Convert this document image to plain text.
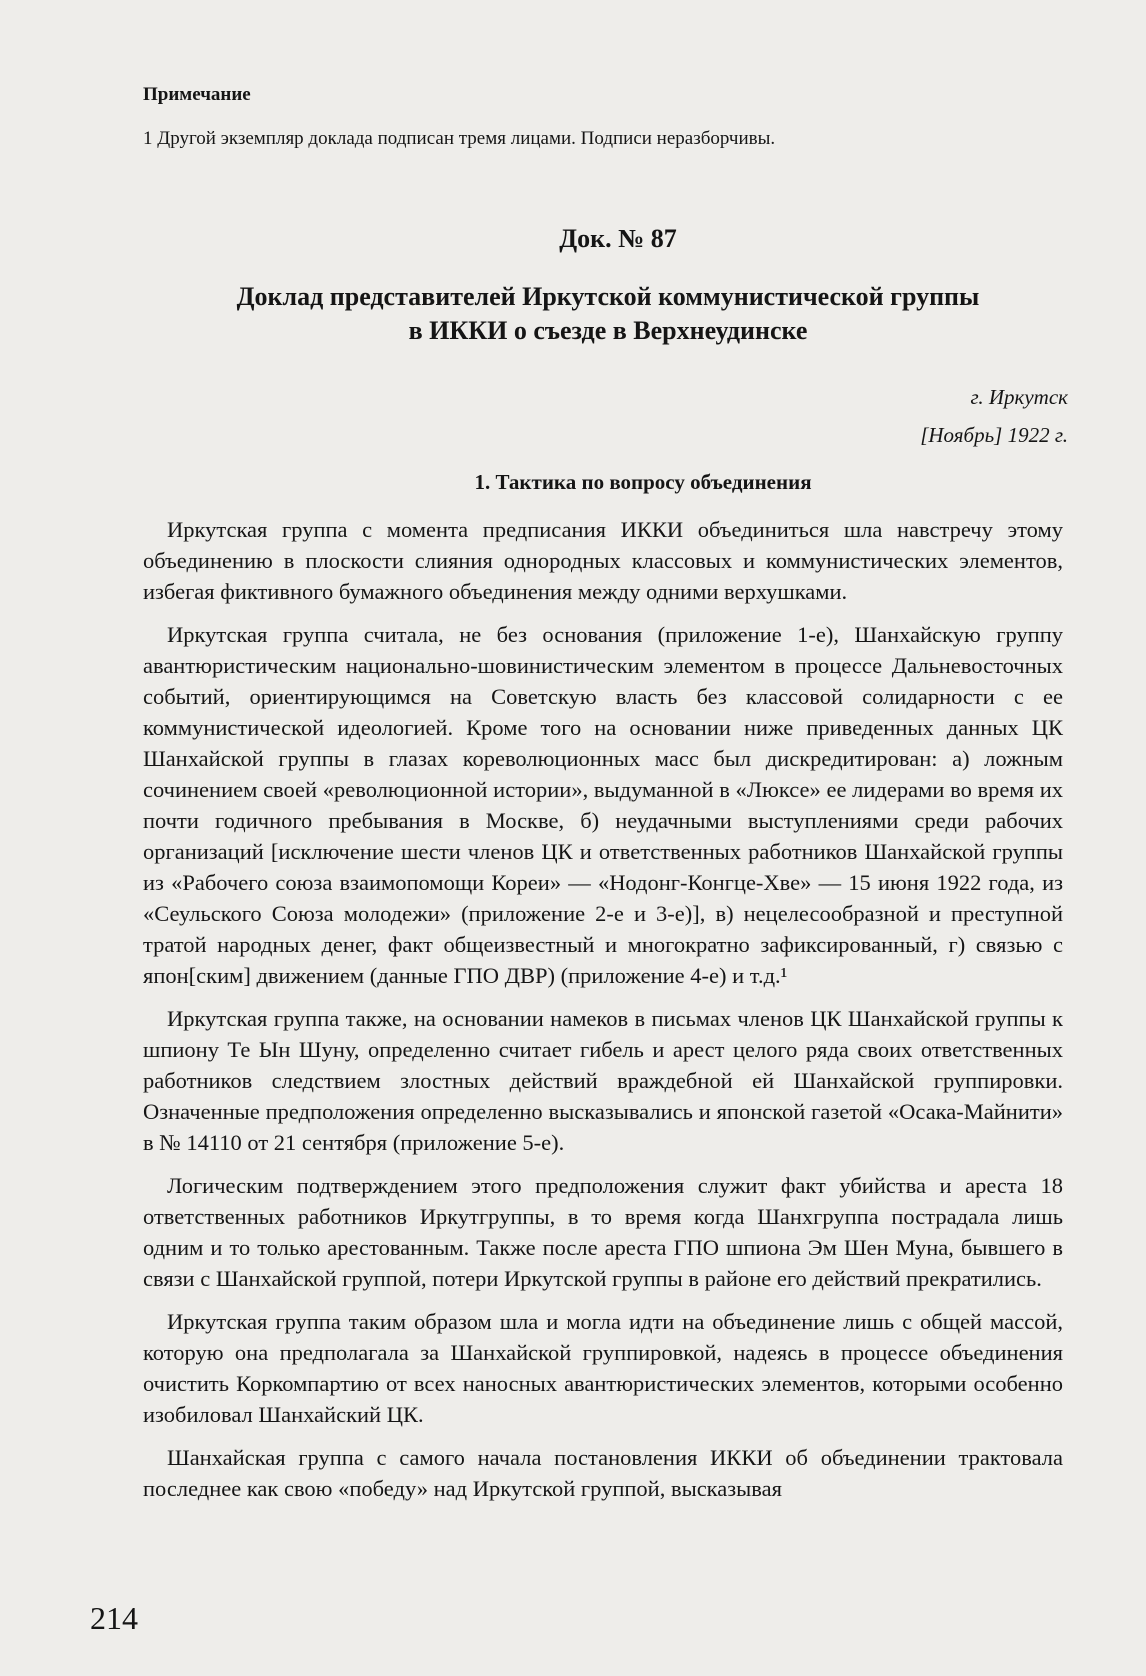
Примечание
1 Другой экземпляр доклада подписан тремя лицами. Подписи неразборчивы.
Док. № 87
Доклад представителей Иркутской коммунистической группы
в ИККИ о съезде в Верхнеудинске
г. Иркутск
[Ноябрь] 1922 г.
1. Тактика по вопросу объединения

Иркутская группа с момента предписания ИККИ объединиться шла навстречу этому объединению в плоскости слияния однородных классовых и коммунистических элементов, избегая фиктивного бумажного объединения между одними верхушками.

Иркутская группа считала, не без основания (приложение 1-е), Шанхайскую группу авантюристическим национально-шовинистическим элементом в процессе Дальневосточных событий, ориентирующимся на Советскую власть без классовой солидарности с ее коммунистической идеологией. Кроме того на основании ниже приведенных данных ЦК Шанхайской группы в глазах кореволюционных масс был дискредитирован: а) ложным сочинением своей «революционной истории», выдуманной в «Люксе» ее лидерами во время их почти годичного пребывания в Москве, б) неудачными выступлениями среди рабочих организаций [исключение шести членов ЦК и ответственных работников Шанхайской группы из «Рабочего союза взаимопомощи Кореи» — «Нодонг-Конгце-Хве» — 15 июня 1922 года, из «Сеульского Союза молодежи» (приложение 2-е и 3-е)], в) нецелесообразной и преступной тратой народных денег, факт общеизвестный и многократно зафиксированный, г) связью с япон[ским] движением (данные ГПО ДВР) (приложение 4-е) и т.д.¹

Иркутская группа также, на основании намеков в письмах членов ЦК Шанхайской группы к шпиону Те Ын Шуну, определенно считает гибель и арест целого ряда своих ответственных работников следствием злостных действий враждебной ей Шанхайской группировки. Означенные предположения определенно высказывались и японской газетой «Осака-Майнити» в № 14110 от 21 сентября (приложение 5-е).

Логическим подтверждением этого предположения служит факт убийства и ареста 18 ответственных работников Иркутгруппы, в то время когда Шанхгруппа пострадала лишь одним и то только арестованным. Также после ареста ГПО шпиона Эм Шен Муна, бывшего в связи с Шанхайской группой, потери Иркутской группы в районе его действий прекратились.

Иркутская группа таким образом шла и могла идти на объединение лишь с общей массой, которую она предполагала за Шанхайской группировкой, надеясь в процессе объединения очистить Коркомпартию от всех наносных авантюристических элементов, которыми особенно изобиловал Шанхайский ЦК.

Шанхайская группа с самого начала постановления ИККИ об объединении трактовала последнее как свою «победу» над Иркутской группой, высказывая

214
